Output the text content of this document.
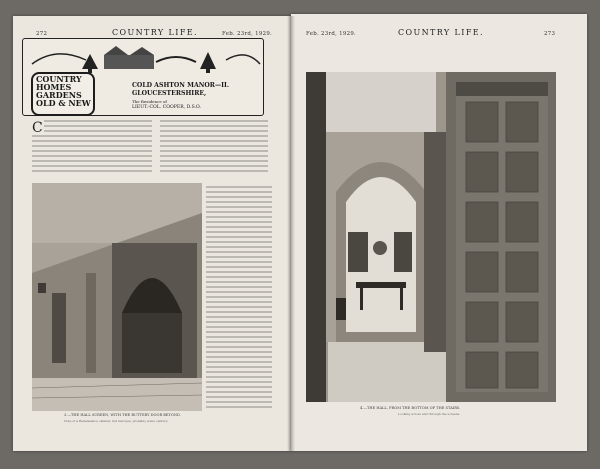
272	COUNTRY LIFE.	Feb. 23rd, 1929.
COUNTRY
HOMES
GARDENS
OLD & NEW
COLD ASHTON MANOR—II.
GLOUCESTERSHIRE,
The Residence of
LIEUT.-COL. COOPER, D.S.O.
C
3.—THE HALL SCREEN, WITH THE BUTTERY DOOR BEYOND.
Note of a Renaissance cabinet, but baroque, probably some century.
Feb. 23rd, 1929.	COUNTRY LIFE.	273
4.—THE HALL, FROM THE BOTTOM OF THE STAIRS.
Looking across and through the screens.
